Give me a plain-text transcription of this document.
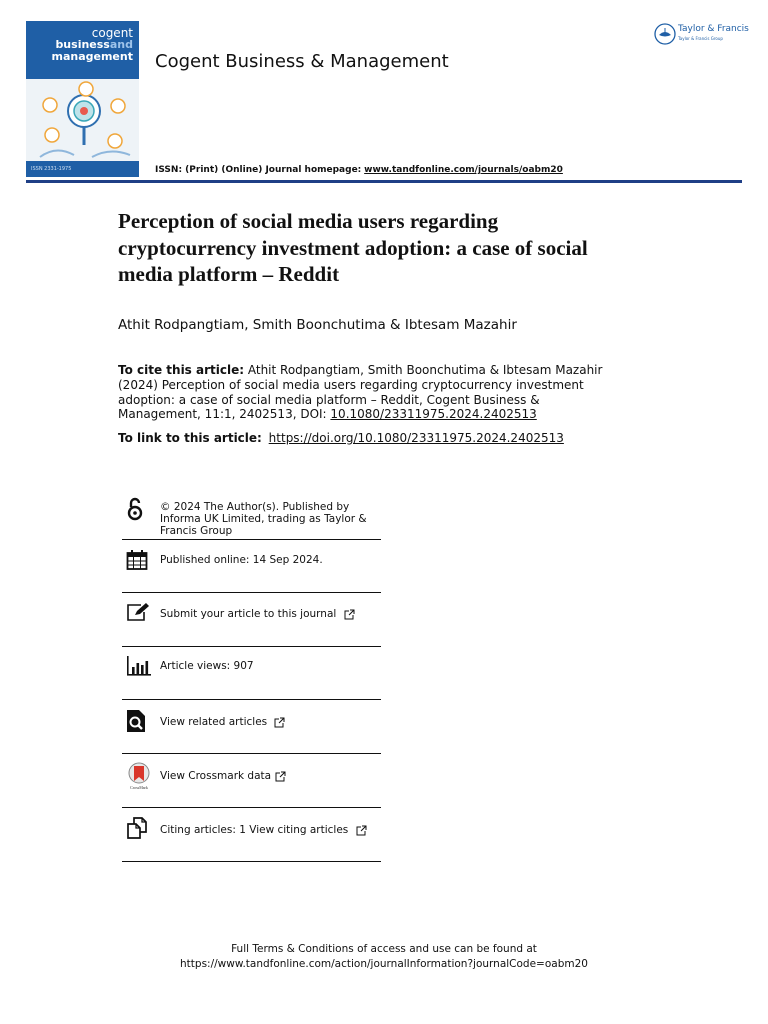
cogent
businessand
management
ISSN 2331-1975
Cogent Business & Management
ISSN: (Print) (Online) Journal homepage: www.tandfonline.com/journals/oabm20
Taylor & Francis
Taylor & Francis Group
Perception of social media users regarding cryptocurrency investment adoption: a case of social media platform – Reddit
Athit Rodpangtiam, Smith Boonchutima & Ibtesam Mazahir
To cite this article: Athit Rodpangtiam, Smith Boonchutima & Ibtesam Mazahir (2024) Perception of social media users regarding cryptocurrency investment adoption: a case of social media platform – Reddit, Cogent Business & Management, 11:1, 2402513, DOI: 10.1080/23311975.2024.2402513
To link to this article: https://doi.org/10.1080/23311975.2024.2402513
© 2024 The Author(s). Published by Informa UK Limited, trading as Taylor & Francis Group
Published online: 14 Sep 2024.
Submit your article to this journal
Article views: 907
View related articles
CrossMark
View Crossmark data
Citing articles: 1 View citing articles
Full Terms & Conditions of access and use can be found at
https://www.tandfonline.com/action/journalInformation?journalCode=oabm20
